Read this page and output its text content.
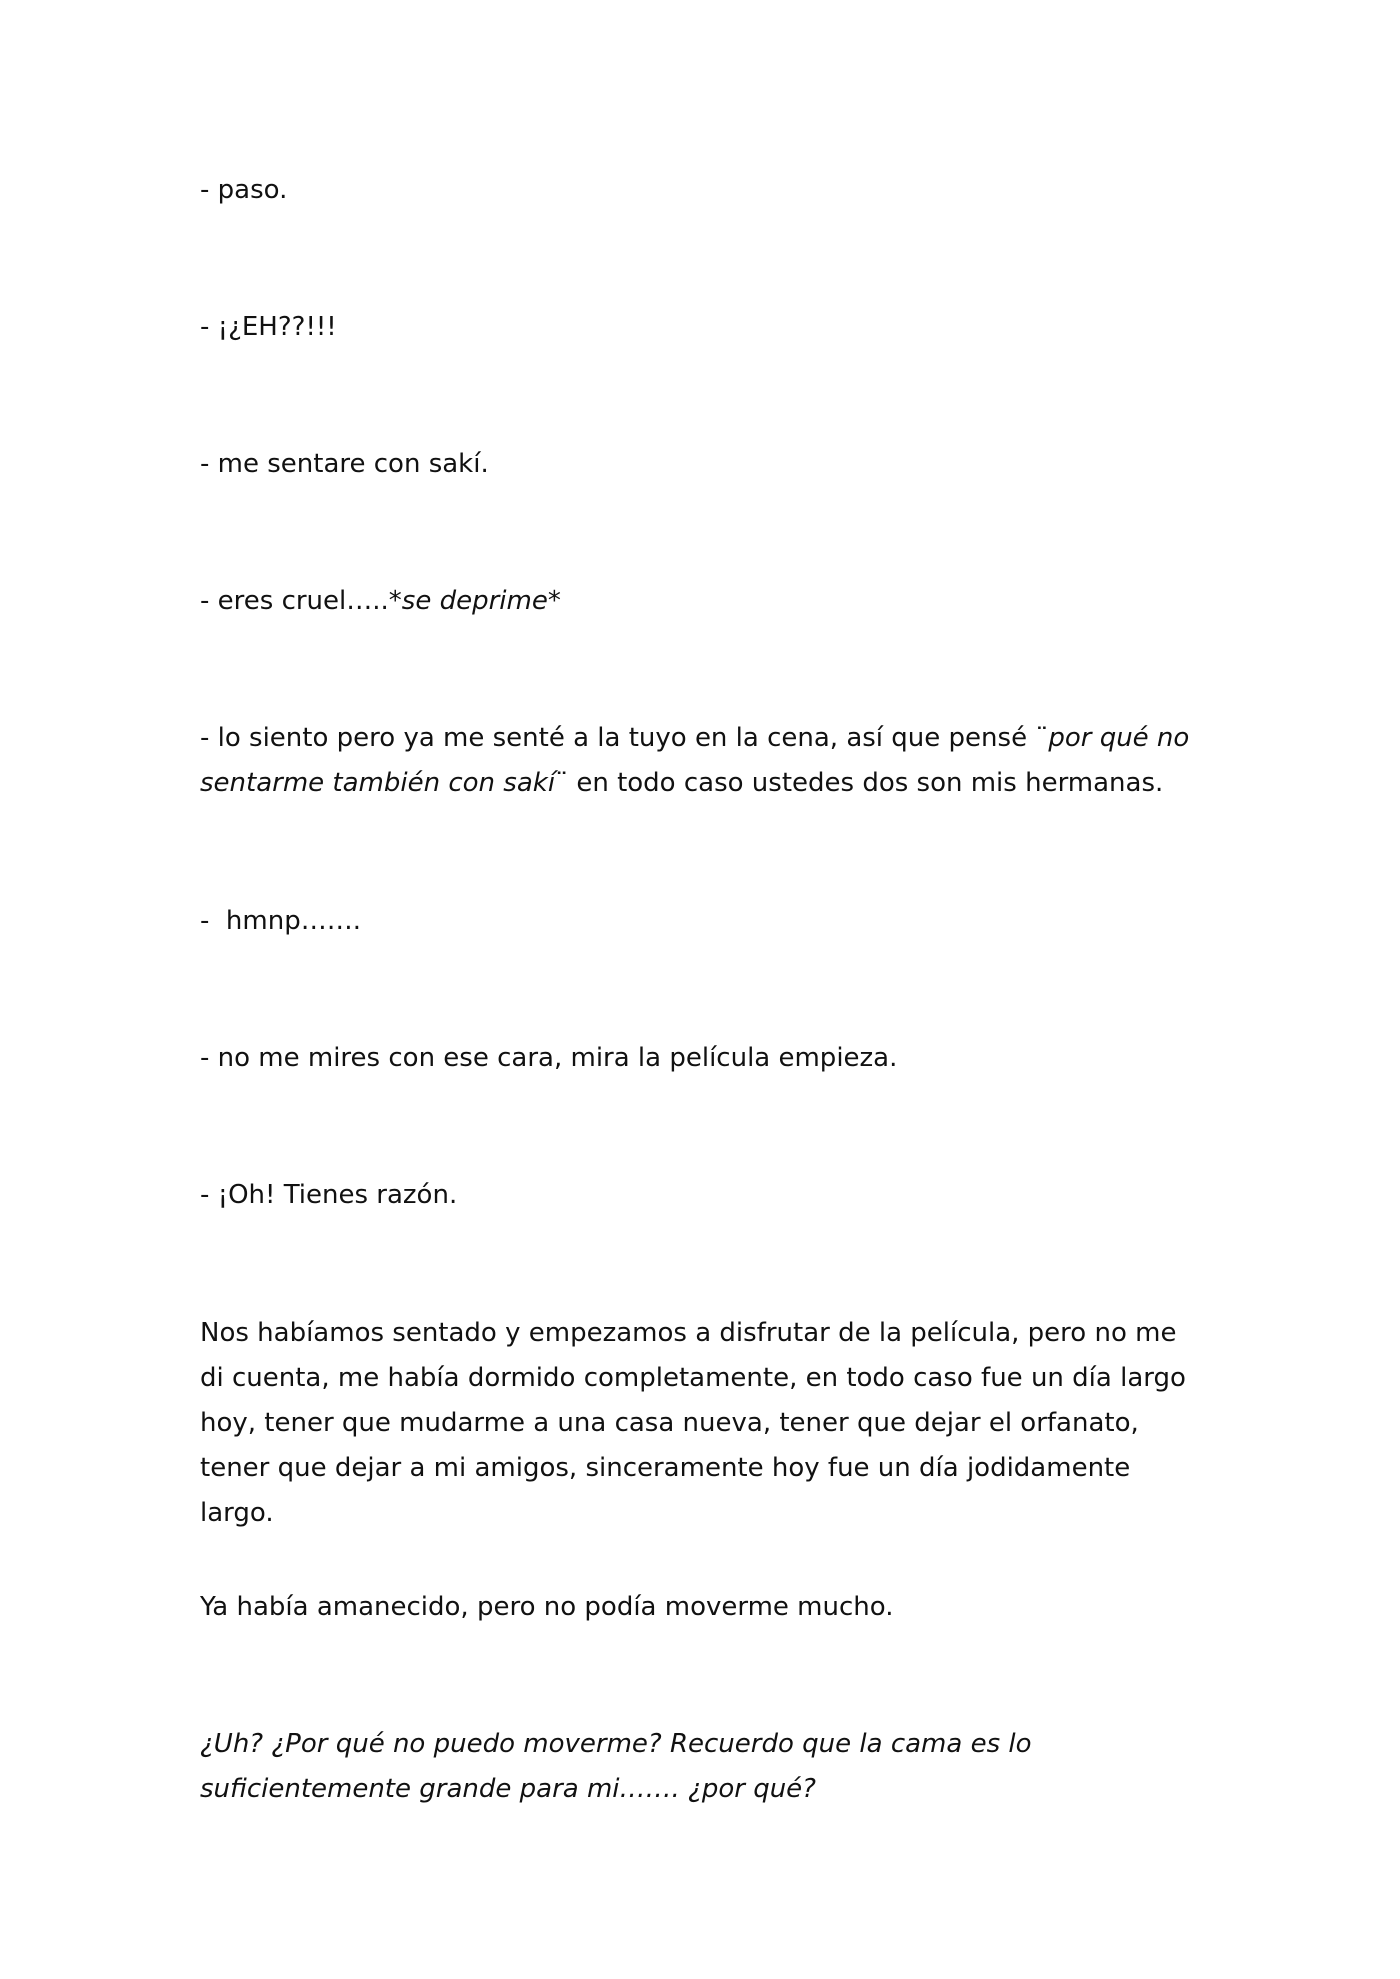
- paso.

- ¡¿EH??!!!

- me sentare con sakí.

- eres cruel…..*se deprime*

- lo siento pero ya me senté a la tuyo en la cena, así que pensé ¨por qué no sentarme también con sakí¨ en todo caso ustedes dos son mis hermanas.

-  hmnp…….

- no me mires con ese cara, mira la película empieza.

- ¡Oh! Tienes razón.

Nos habíamos sentado y empezamos a disfrutar de la película, pero no me di cuenta, me había dormido completamente, en todo caso fue un día largo hoy, tener que mudarme a una casa nueva, tener que dejar el orfanato, tener que dejar a mi amigos, sinceramente hoy fue un día jodidamente largo.

Ya había amanecido, pero no podía moverme mucho.

¿Uh? ¿Por qué no puedo moverme? Recuerdo que la cama es lo suficientemente grande para mi……. ¿por qué?
